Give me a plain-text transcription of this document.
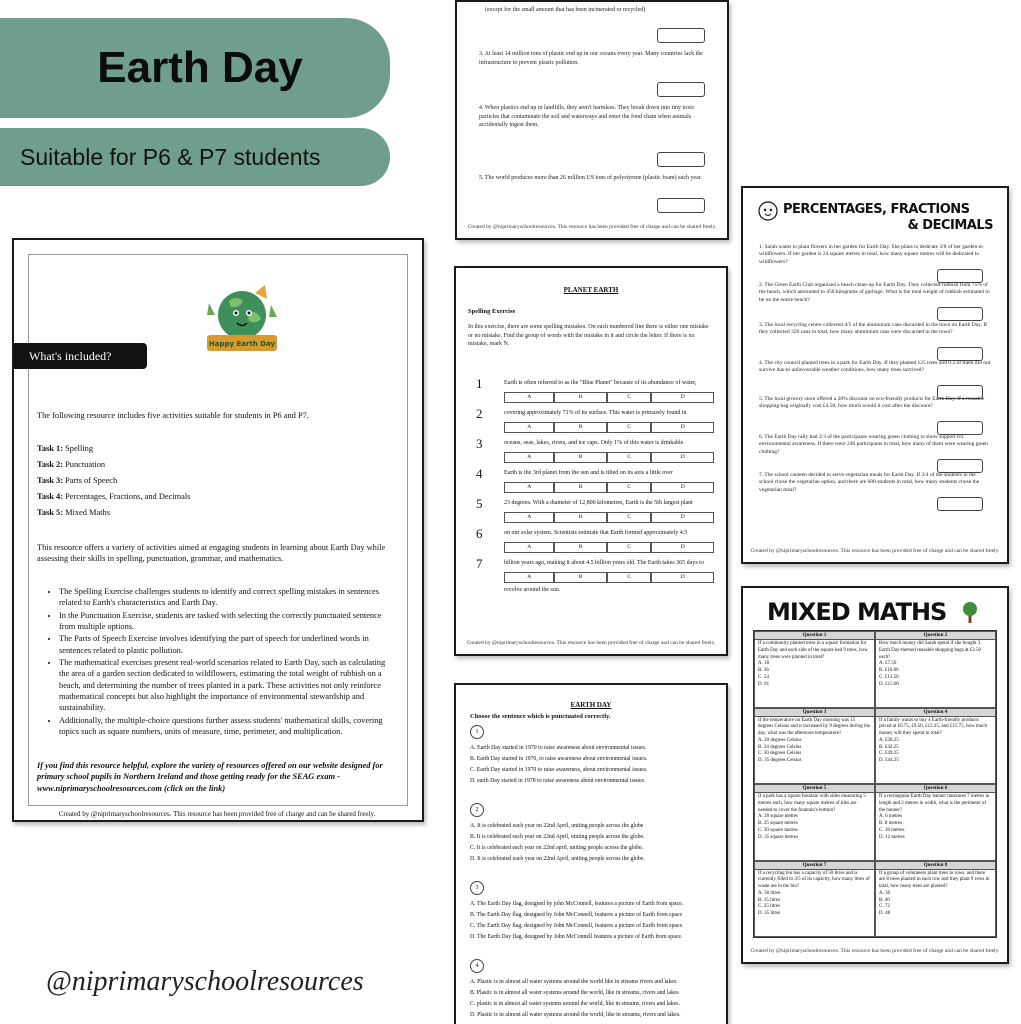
Earth Day
Suitable for P6 & P7 students
@niprimaryschoolresources
Happy Earth Day
What's included?
The following resource includes five activities suitable for students in P6 and P7.
Task 1: Spelling
Task 2: Punctuation
Task 3: Parts of Speech
Task 4: Percentages, Fractions, and Decimals
Task 5: Mixed Maths
This resource offers a variety of activities aimed at engaging students in learning about Earth Day while assessing their skills in spelling, punctuation, grammar, and mathematics.
• The Spelling Exercise challenges students to identify and correct spelling mistakes in sentences related to Earth's characteristics and Earth Day.
• In the Punctuation Exercise, students are tasked with selecting the correctly punctuated sentence from multiple options.
• The Parts of Speech Exercise involves identifying the part of speech for underlined words in sentences related to plastic pollution.
• The mathematical exercises present real-world scenarios related to Earth Day, such as calculating the area of a garden section dedicated to wildflowers, estimating the total weight of rubbish on a beach, and determining the number of trees planted in a park. These activities not only reinforce mathematical concepts but also highlight the importance of environmental stewardship and sustainability.
• Additionally, the multiple-choice questions further assess students' mathematical skills, covering topics such as square numbers, units of measure, time, perimeter, and multiplication.
If you find this resource helpful, explore the variety of resources offered on our website designed for primary school pupils in Northern Ireland and those getting ready for the SEAG exam - www.niprimaryschoolresources.com (click on the link)
Created by @niprimaryschoolresources. This resource has been provided free of charge and can be shared freely.
(except for the small amount that has been incinerated or recycled)
3. At least 14 million tons of plastic end up in our oceans every year. Many countries lack the infrastructure to prevent plastic pollution.
4. When plastics end up in landfills, they aren't harmless. They break down into tiny toxic particles that contaminate the soil and waterways and enter the food chain when animals accidentally ingest them.
5. The world produces more than 26 million US tons of polystyrene (plastic foam) each year.
Created by @niprimaryschoolresources. This resource has been provided free of charge and can be shared freely.
PLANET EARTH
Spelling Exercise
In this exercise, there are some spelling mistakes. On each numbered line there is either one mistake or no mistake. Find the group of words with the mistake in it and circle the letter. If there is no mistake, mark N.
1	Earth is often referred to as the "Blue Planet" because of its abundance of water,
A	B	C	D
2	covering approximately 71% of its surface. This water is primarely found in
A	B	C	D
3	oceans, seas, lakes, rivers, and ice caps. Only 1% of this water is drinkable.
A	B	C	D
4	Earth is the 3rd planet from the sun and is tilted on its axis a little over
A	B	C	D
5	23 degrees. With a diameter of 12,800 kilometres, Earth is the 5th largest plant
A	B	C	D
6	on our solar system. Scientists estimate that Earth formed approximately 4.5
A	B	C	D
7	billion years ago, making it about 4.5 billion years old. The Earth takes 365 days to
A	B	C	D
revolve around the sun.
Created by @niprimaryschoolresources. This resource has been provided free of charge and can be shared freely.
EARTH DAY
Choose the sentence which is punctuated correctly.
1
A. Earth Day started in 1970 to raise awareness about environmental issues.
B. Earth Day started in 1970, to raise awareness about environmental issues.
C. Earth Day started in 1970 to raise awareness, about environmental issues.
D. earth Day started in 1970 to raise awareness about environmental issues.
2
A. It is celebrated each year on 22nd April, uniting people across the globe
B. It is celebrated each year on 22nd April, uniting people across the globe.
C. It is celebrated each year on 22nd april, uniting people across the globe.
D. It is celebrated each year on 22nd April, uniting people across the globe.
3
A. The Earth Day flag, designed by john McConnell, features a picture of Earth from space.
B. The Earth Day flag, designed by John McConnell, features a picture of Earth from space
C. The Earth Day flag, designed by John McConnell, features a picture of Earth from space.
D. The Earth Day flag, designed by John McConnell features a picture of Earth from space.
4
A. Plastic is in almost all water systems around the world like in streams rivers and lakes.
B. Plastic is in almost all water systems around the world, like in streams, rivers and lakes
C. plastic is in almost all water systems around the world, like in streams, rivers and lakes.
D. Plastic is in almost all water systems around the world, like in streams, rivers and lakes.
PERCENTAGES, FRACTIONS
& DECIMALS
1. Sarah wants to plant flowers in her garden for Earth Day. She plans to dedicate 3/8 of her garden to wildflowers. If her garden is 24 square metres in total, how many square metres will be dedicated to wildflowers?
2. The Green Earth Club organised a beach clean-up for Earth Day. They collected rubbish from 75% of the beach, which amounted to 450 kilograms of garbage. What is the total weight of rubbish estimated to be on the entire beach?
3. The local recycling centre collected 4/5 of the aluminium cans discarded in the town on Earth Day. If they collected 320 cans in total, how many aluminium cans were discarded in the town?
4. The city council planted trees in a park for Earth Day. If they planted 125 trees and 0.2 of them did not survive due to unfavourable weather conditions, how many trees survived?
5. The local grocery store offered a 20% discount on eco-friendly products for Earth Day. If a reusable shopping bag originally cost £4.50, how much would it cost after the discount?
6. The Earth Day rally had 2/3 of the participants wearing green clothing to show support for environmental awareness. If there were 240 participants in total, how many of them were wearing green clothing?
7. The school canteen decided to serve vegetarian meals for Earth Day. If 3/4 of the students in the school chose the vegetarian option, and there are 600 students in total, how many students chose the vegetarian meal?
Created by @niprimaryschoolresources. This resource has been provided free of charge and can be shared freely.
MIXED MATHS
Question 1
If a community planted trees in a square formation for Earth Day and each side of the square had 9 trees, how many trees were planted in total?
A. 18
B. 36
C. 54
D. 81
Question 2
How much money did Sarah spend if she bought 3 Earth Day-themed reusable shopping bags at £2.50 each?
A. £7.50
B. £10.00
C. £12.50
D. £15.00
Question 3
If the temperature on Earth Day morning was 15 degrees Celsius and it increased by 9 degrees during the day, what was the afternoon temperature?
A. 20 degrees Celsius
B. 24 degrees Celsius
C. 30 degrees Celsius
D. 35 degrees Celsius
Question 4
If a family wants to buy 4 Earth-friendly products priced at £6.75, £9.50, £12.25, and £15.75, how much money will they spend in total?
A. £38.25
B. £42.25
C. £49.25
D. £44.25
Question 5
If a park has a square fountain with sides measuring 5 metres each, how many square metres of tiles are needed to cover the fountain's bottom?
A. 20 square metres
B. 25 square metres
C. 30 square metres
D. 35 square metres
Question 6
If a rectangular Earth Day banner measures 7 metres in length and 2 metres in width, what is the perimeter of the banner?
A. 6 metres
B. 8 metres
C. 18 metres
D. 12 metres
Question 7
If a recycling bin has a capacity of 50 litres and is currently filled to 3/5 of its capacity, how many litres of waste are in the bin?
A. 30 litres
B. 15 litres
C. 25 litres
D. 35 litres
Question 8
If a group of volunteers plant trees in rows, and there are 8 trees planted in each row and they plant 9 rows in total, how many trees are planted?
A. 36
B. 40
C. 72
D. 48
Created by @niprimaryschoolresources. This resource has been provided free of charge and can be shared freely.
